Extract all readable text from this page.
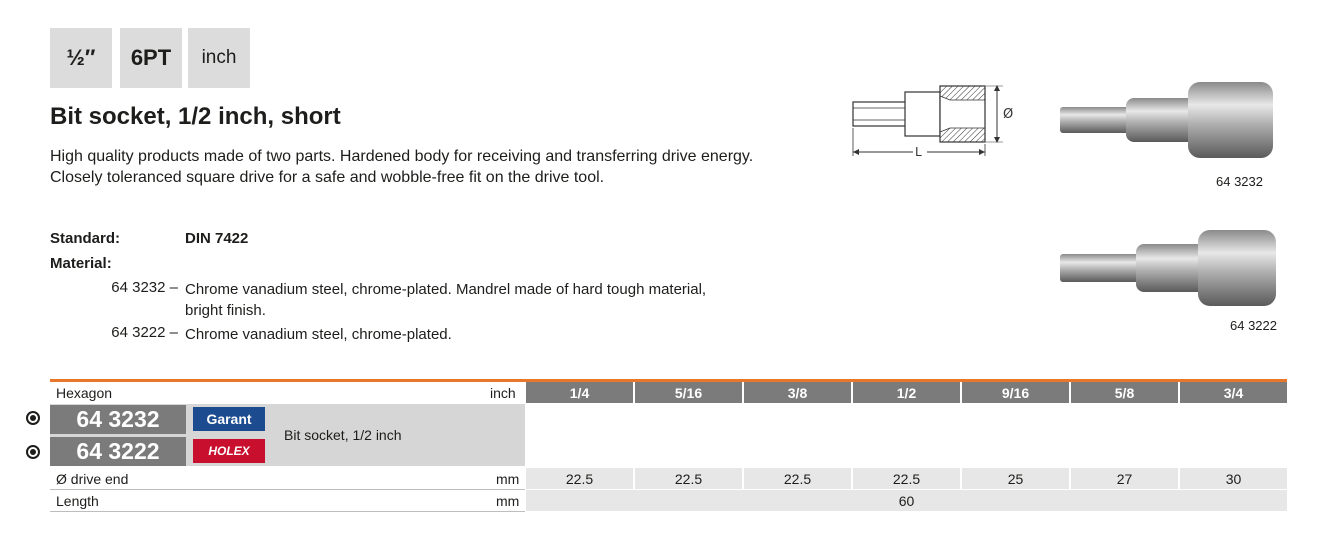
½″	6PT	inch
Bit socket, 1/2 inch, short

High quality products made of two parts. Hardened body for receiving and transferring drive energy. Closely toleranced square drive for a safe and wobble-free fit on the drive tool.

Standard:	DIN 7422
Material:
64 3232 – Chrome vanadium steel, chrome-plated. Mandrel made of hard tough material, bright finish.
64 3222 – Chrome vanadium steel, chrome-plated.
Ø
L
64 3232
64 3222
Hexagon	inch	1/4	5/16	3/8	1/2	9/16	5/8	3/4
64 3232
64 3222
Garant
HOLEX
Bit socket, 1/2 inch
Ø drive end	mm	22.5	22.5	22.5	22.5	25	27	30
Length	mm	60
